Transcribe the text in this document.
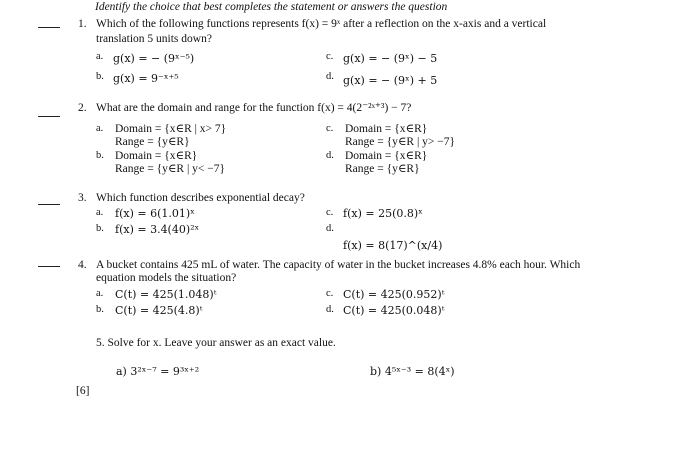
Identify the choice that best completes the statement or answers the question
1. Which of the following functions represents f(x) = 9ˣ after a reflection on the x-axis and a vertical
translation 5 units down?
a. g(x) = − (9ˣ⁻⁵)
b. g(x) = 9⁻ˣ⁺⁵
c. g(x) = − (9ˣ) − 5
d. g(x) = − (9ˣ) + 5
2. What are the domain and range for the function f(x) = 4(2⁻²ˣ⁺³) − 7?
a. Domain = {x∈R | x> 7}
Range = {y∈R}
b. Domain = {x∈R}
Range = {y∈R | y< −7}
c. Domain = {x∈R}
Range = {y∈R | y> −7}
d. Domain = {x∈R}
Range = {y∈R}
3. Which function describes exponential decay?
a. f(x) = 6(1.01)ˣ
b. f(x) = 3.4(40)²ˣ
c. f(x) = 25(0.8)ˣ
d.
f(x) = 8(17)^(x/4)
4. A bucket contains 425 mL of water. The capacity of water in the bucket increases 4.8% each hour. Which
equation models the situation?
a. C(t) = 425(1.048)ᵗ
b. C(t) = 425(4.8)ᵗ
c. C(t) = 425(0.952)ᵗ
d. C(t) = 425(0.048)ᵗ
5. Solve for x. Leave your answer as an exact value.
a) 3²ˣ⁻⁷ = 9³ˣ⁺²	b) 4⁵ˣ⁻³ = 8(4ˣ)
[6]
